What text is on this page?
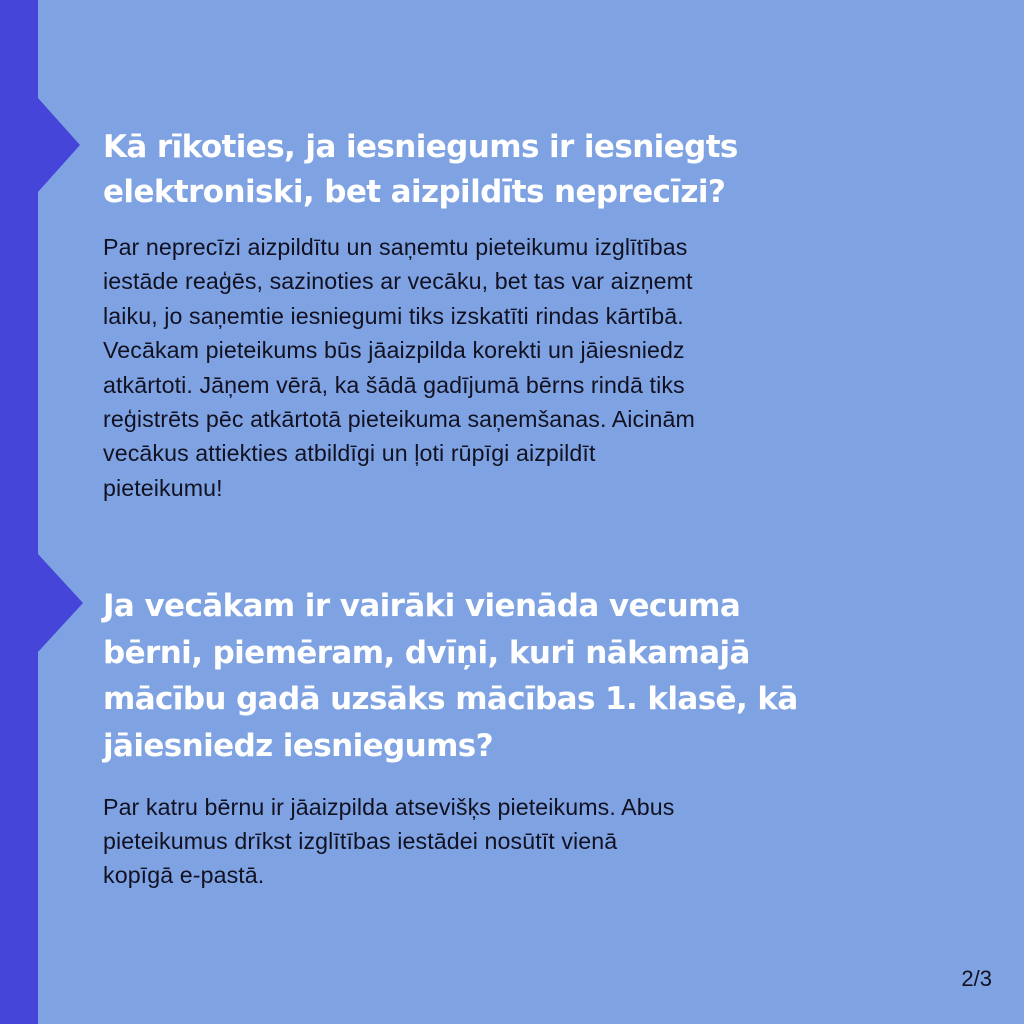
Kā rīkoties, ja iesniegums ir iesniegts
elektroniski, bet aizpildīts neprecīzi?
Par neprecīzi aizpildītu un saņemtu pieteikumu izglītības
iestāde reaģēs, sazinoties ar vecāku, bet tas var aizņemt
laiku, jo saņemtie iesniegumi tiks izskatīti rindas kārtībā.
Vecākam pieteikums būs jāaizpilda korekti un jāiesniedz
atkārtoti. Jāņem vērā, ka šādā gadījumā bērns rindā tiks
reģistrēts pēc atkārtotā pieteikuma saņemšanas. Aicinām
vecākus attiekties atbildīgi un ļoti rūpīgi aizpildīt
pieteikumu!
Ja vecākam ir vairāki vienāda vecuma
bērni, piemēram, dvīņi, kuri nākamajā
mācību gadā uzsāks mācības 1. klasē, kā
jāiesniedz iesniegums?
Par katru bērnu ir jāaizpilda atsevišķs pieteikums. Abus
pieteikumus drīkst izglītības iestādei nosūtīt vienā
kopīgā e-pastā.
2/3
